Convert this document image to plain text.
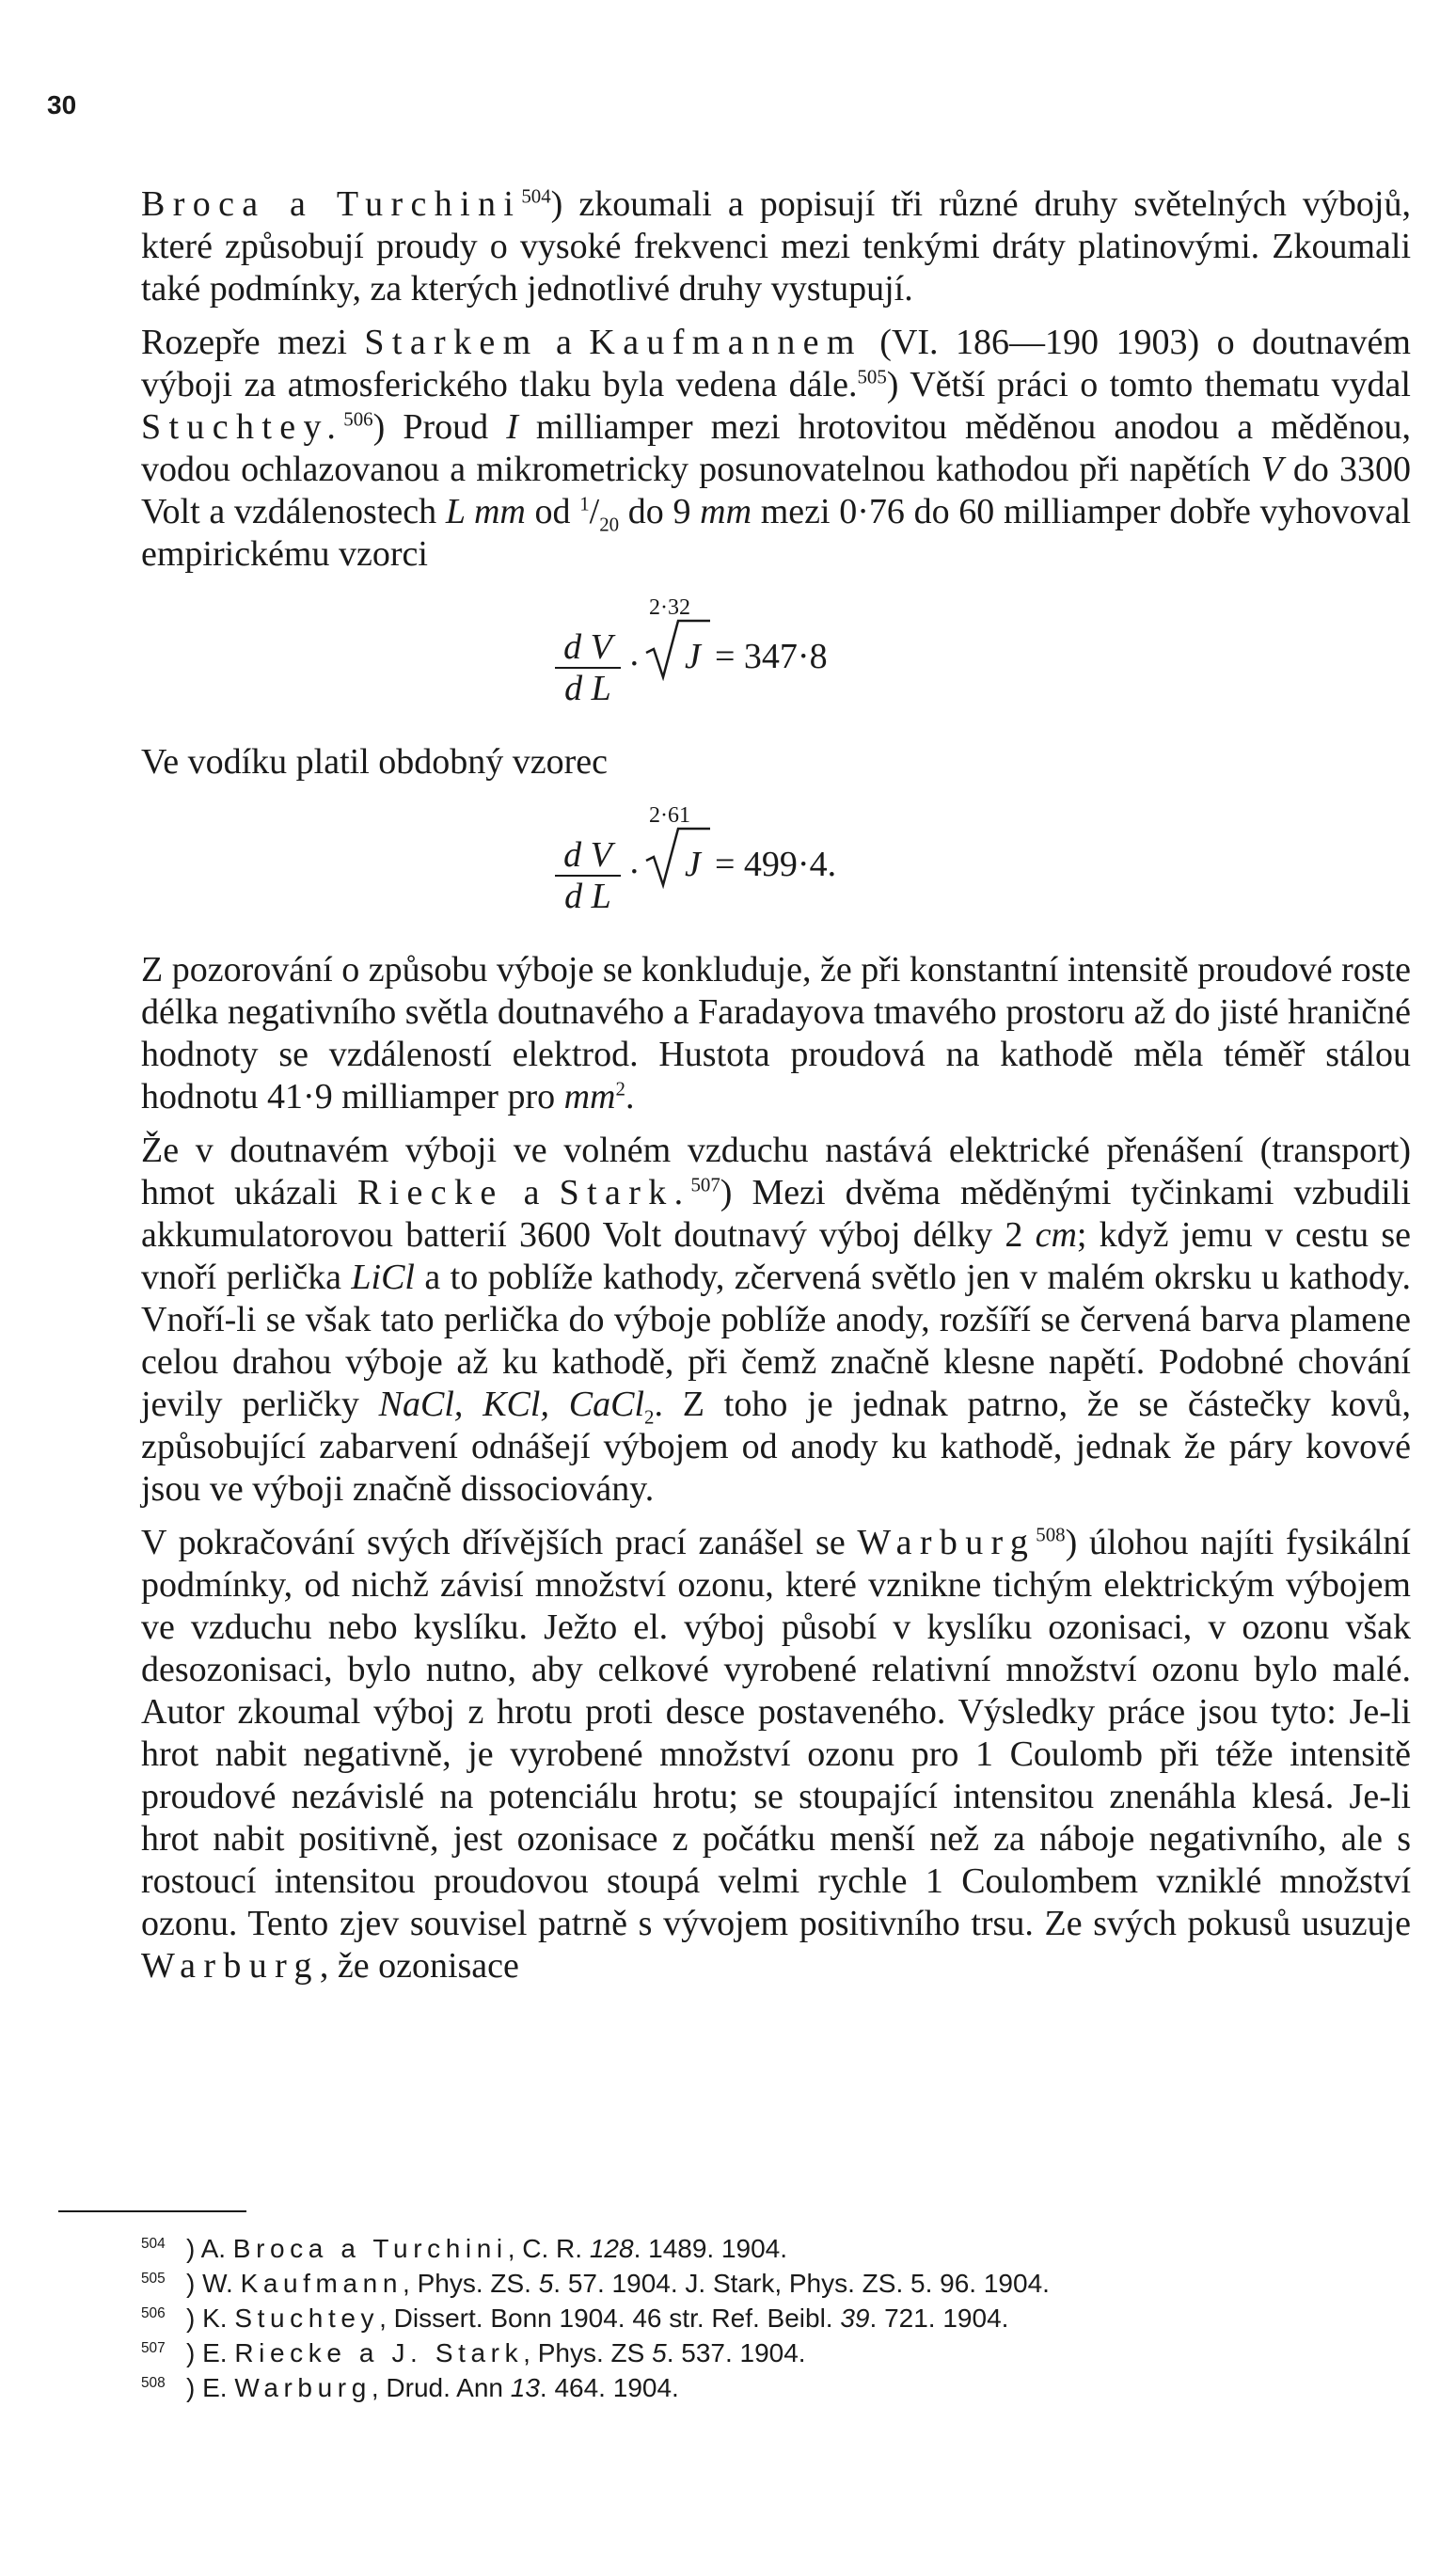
30

Broca a Turchini$^{504}$) zkoumali a popisují tři různé druhy světelných výbojů, které způsobují proudy o vysoké frekvenci mezi tenkými dráty platinovými. Zkoumali také podmínky, za kterých jednotlivé druhy vystupují.

Rozepře mezi Starkem a Kaufmannem (VI. 186—190 1903) o doutnavém výboji za atmosferického tlaku byla vedena dále.$^{505}$) Větší práci o tomto thematu vydal Stuchtey.$^{506}$) Proud I milliamper mezi hrotovitou měděnou anodou a měděnou, vodou ochlazovanou a mikrometricky posunovatelnou kathodou při napětích V do 3300 Volt a vzdálenostech L mm od $^1/_{20}$ do 9 mm mezi 0·76 do 60 milliamper dobře vyhovoval empirickému vzorci

$\frac{\text{d V}}{\text{d L}}$ ·
2·32
J = 347·8

Ve vodíku platil obdobný vzorec

$\frac{\text{d V}}{\text{d L}}$ ·
2·61
J = 499·4.

Z pozorování o způsobu výboje se konkluduje, že při konstantní intensitě proudové roste délka negativního světla doutnavého a Faradayova tmavého prostoru až do jisté hraničné hodnoty se vzdáleností elektrod. Hustota proudová na kathodě měla téměř stálou hodnotu 41·9 milliamper pro $mm^2$.

Že v doutnavém výboji ve volném vzduchu nastává elektrické přenášení (transport) hmot ukázali Riecke a Stark.$^{507}$) Mezi dvěma měděnými tyčinkami vzbudili akkumulatorovou batterií 3600 Volt doutnavý výboj délky 2 cm; když jemu v cestu se vnoří perlička LiCl a to poblíže kathody, zčervená světlo jen v malém okrsku u kathody. Vnoří-li se však tato perlička do výboje poblíže anody, rozšíří se červená barva plamene celou drahou výboje až ku kathodě, při čemž značně klesne napětí. Podobné chování jevily perličky NaCl, KCl, CaCl$_2$. Z toho je jednak patrno, že se částečky kovů, způsobující zabarvení odnášejí výbojem od anody ku kathodě, jednak že páry kovové jsou ve výboji značně dissociovány.

V pokračování svých dřívějších prací zanášel se Warburg$^{508}$) úlohou najíti fysikální podmínky, od nichž závisí množství ozonu, které vznikne tichým elektrickým výbojem ve vzduchu nebo kyslíku. Ježto el. výboj působí v kyslíku ozonisaci, v ozonu však desozonisaci, bylo nutno, aby celkové vyrobené relativní množství ozonu bylo malé. Autor zkoumal výboj z hrotu proti desce postaveného. Výsledky práce jsou tyto: Je-li hrot nabit negativně, je vyrobené množství ozonu pro 1 Coulomb při téže intensitě proudové nezávislé na potenciálu hrotu; se stoupající intensitou znenáhla klesá. Je-li hrot nabit positivně, jest ozonisace z počátku menší než za náboje negativního, ale s rostoucí intensitou proudovou stoupá velmi rychle 1 Coulombem vzniklé množství ozonu. Tento zjev souvisel patrně s vývojem positivního trsu. Ze svých pokusů usuzuje Warburg, že ozonisace

$^{504}$ ) A. Broca a Turchini, C. R. 128. 1489. 1904.
$^{505}$ ) W. Kaufmann, Phys. ZS. 5. 57. 1904. J. Stark, Phys. ZS. 5. 96. 1904.
$^{506}$ ) K. Stuchtey, Dissert. Bonn 1904. 46 str. Ref. Beibl. 39. 721. 1904.
$^{507}$ ) E. Riecke a J. Stark, Phys. ZS 5. 537. 1904.
$^{508}$ ) E. Warburg, Drud. Ann 13. 464. 1904.
